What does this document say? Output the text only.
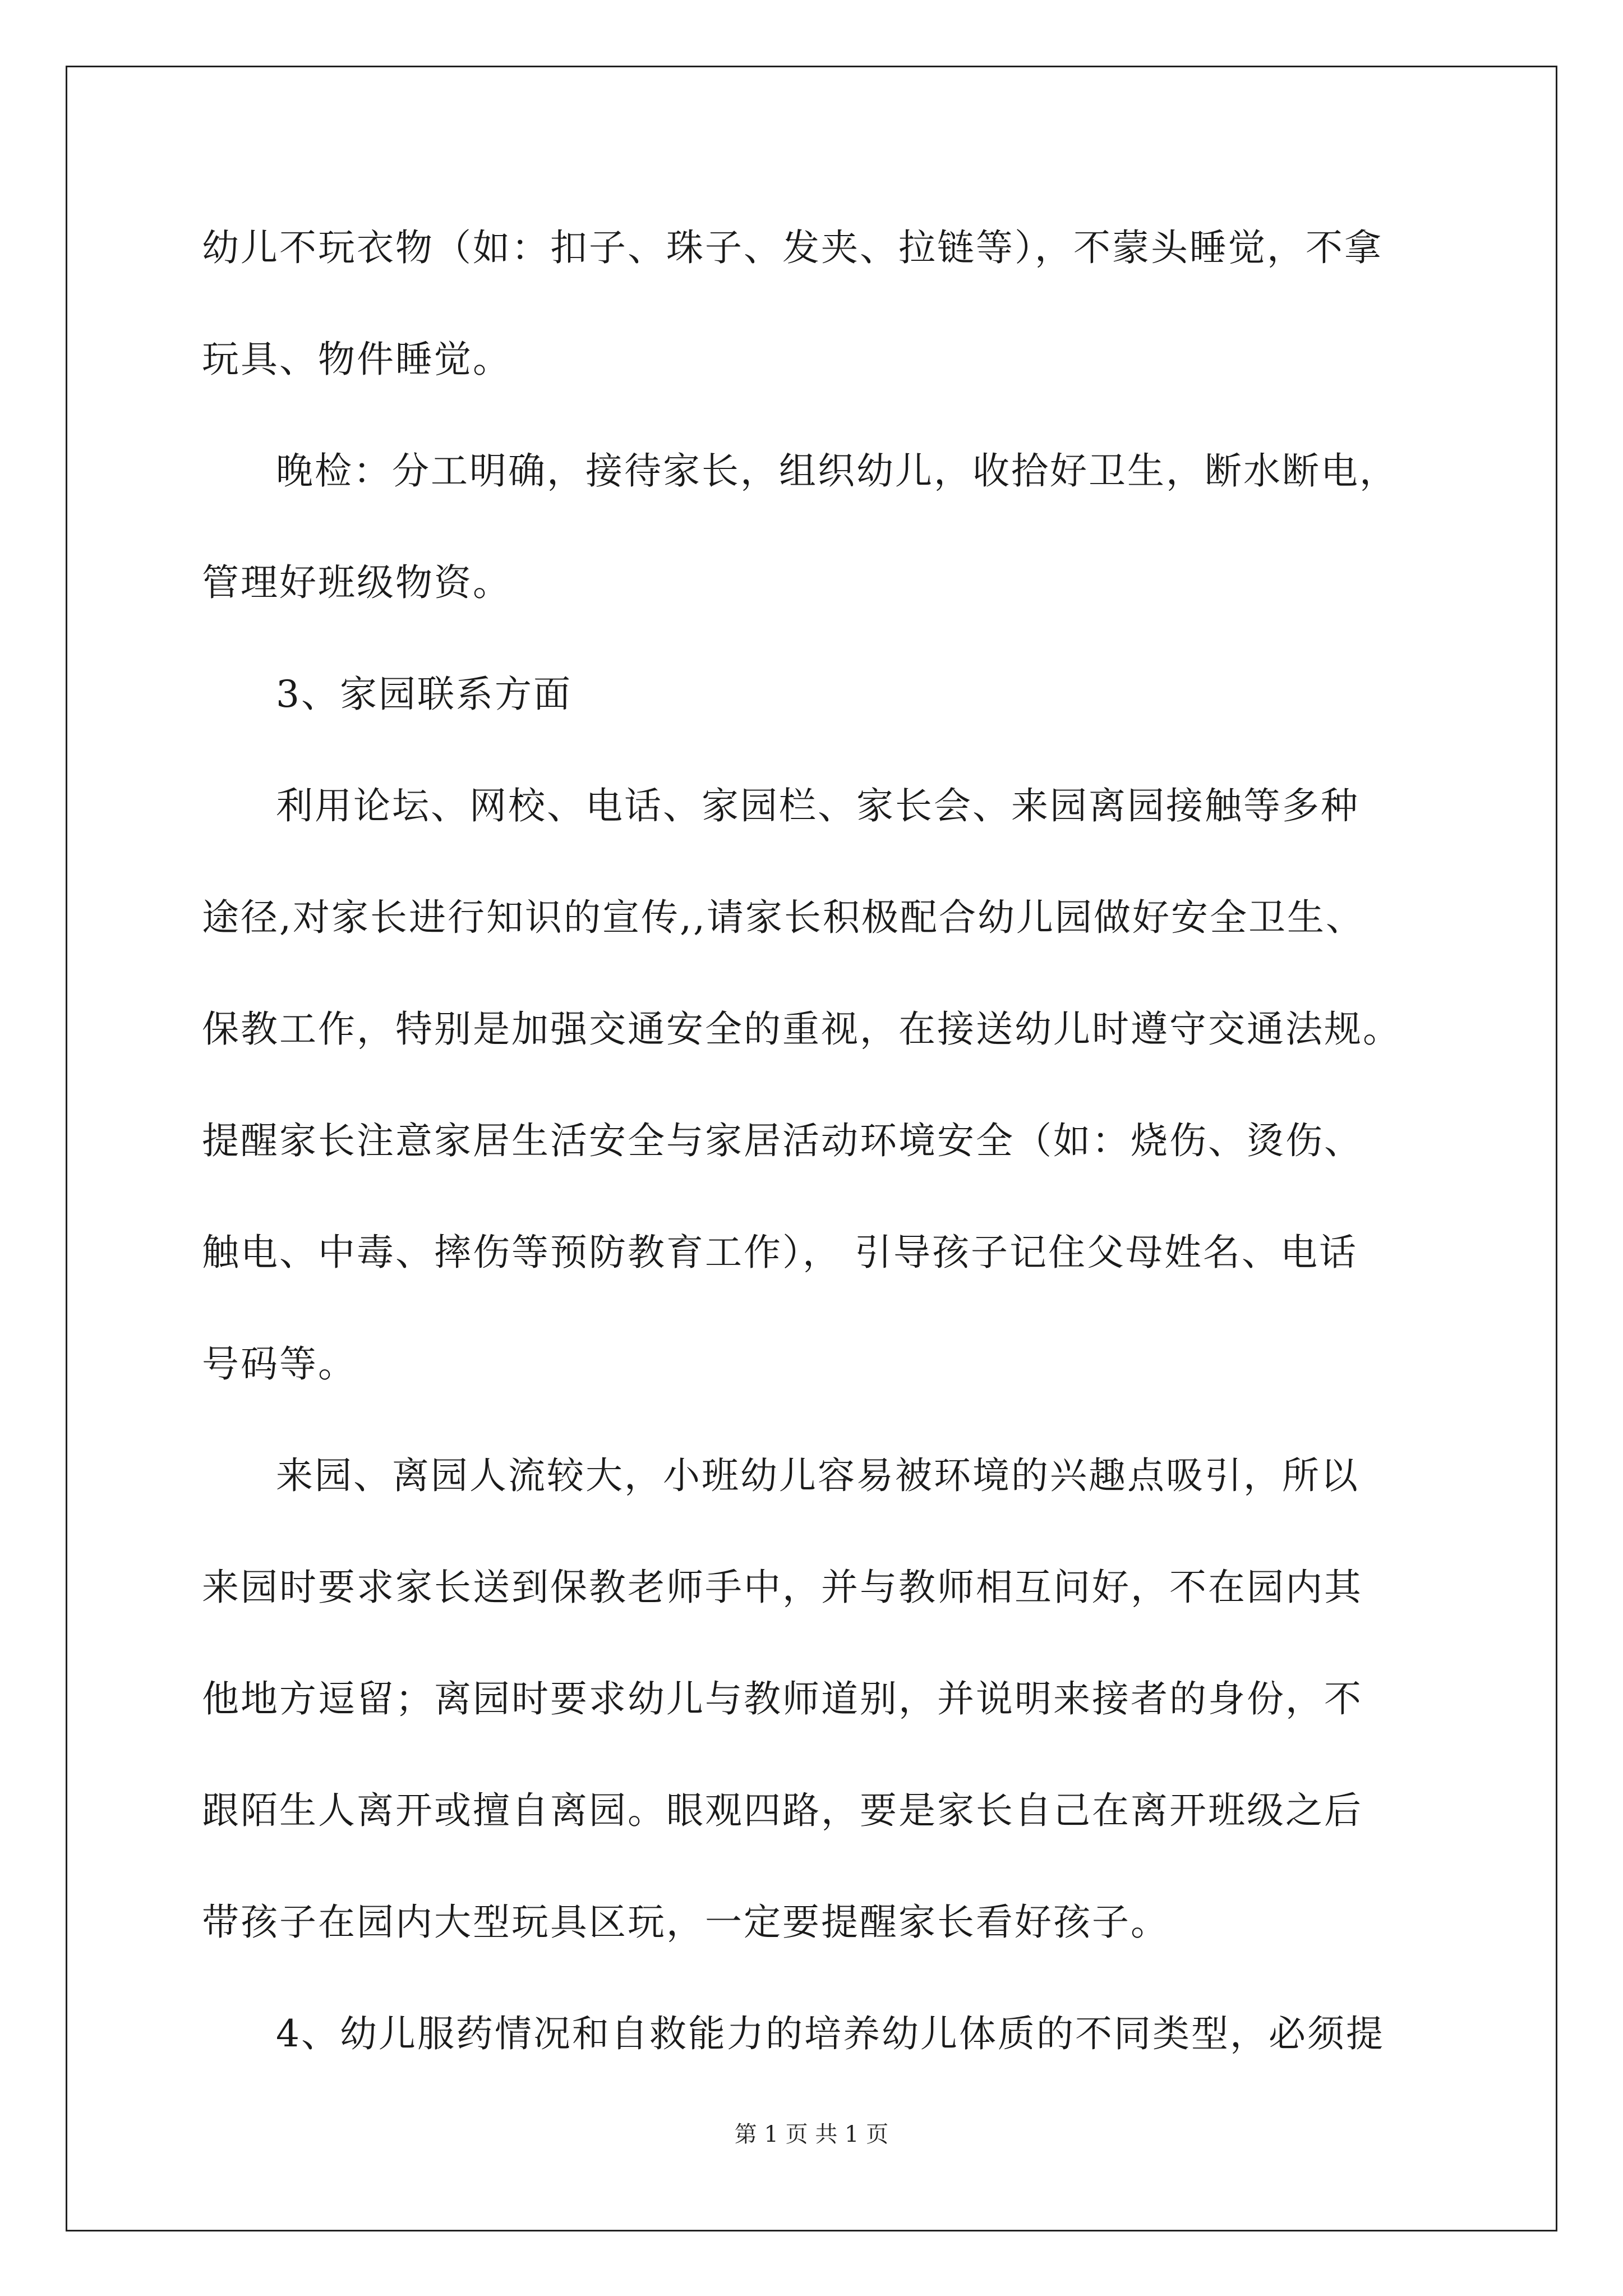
幼儿不玩衣物（如：扣子、珠子、发夹、拉链等），不蒙头睡觉，不拿
玩具、物件睡觉。
晚检：分工明确，接待家长，组织幼儿，收拾好卫生，断水断电，
管理好班级物资。
3、家园联系方面
利用论坛、网校、电话、家园栏、家长会、来园离园接触等多种
途径,对家长进行知识的宣传,,请家长积极配合幼儿园做好安全卫生、
保教工作，特别是加强交通安全的重视，在接送幼儿时遵守交通法规。
提醒家长注意家居生活安全与家居活动环境安全（如：烧伤、烫伤、
触电、中毒、摔伤等预防教育工作）， 引导孩子记住父母姓名、电话
号码等。
来园、离园人流较大，小班幼儿容易被环境的兴趣点吸引，所以
来园时要求家长送到保教老师手中，并与教师相互问好，不在园内其
他地方逗留；离园时要求幼儿与教师道别，并说明来接者的身份，不
跟陌生人离开或擅自离园。眼观四路，要是家长自己在离开班级之后
带孩子在园内大型玩具区玩，一定要提醒家长看好孩子。
4、幼儿服药情况和自救能力的培养幼儿体质的不同类型，必须提
第 1 页 共 1 页
